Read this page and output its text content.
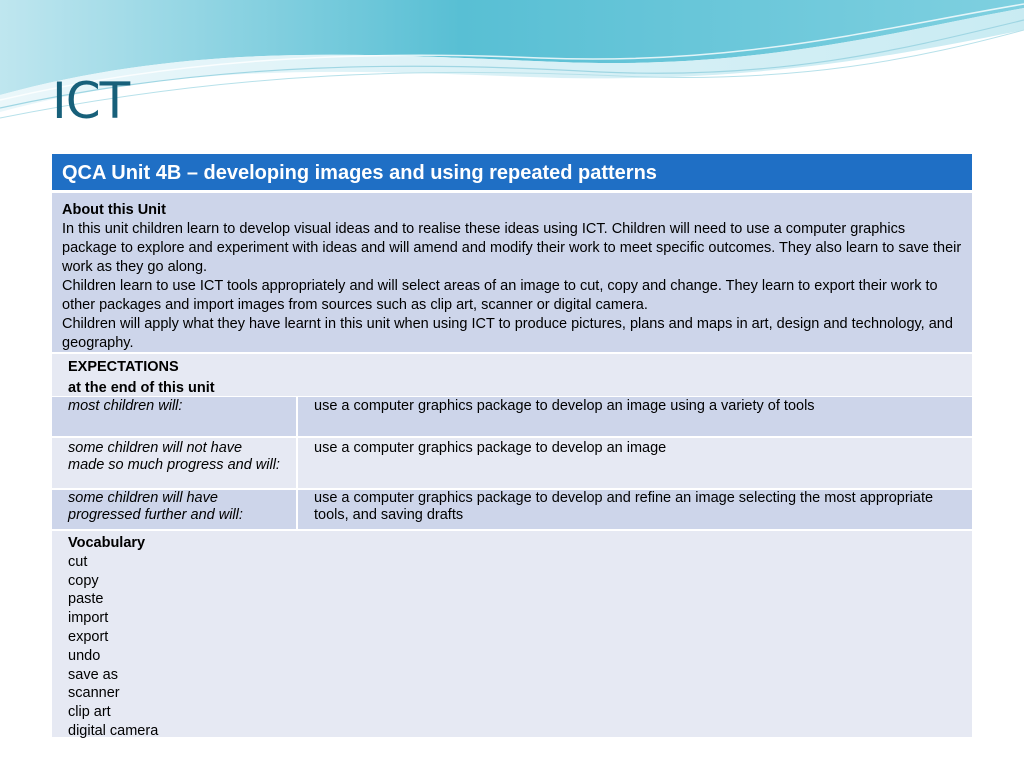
ICT
QCA Unit 4B – developing images and using repeated patterns
About this Unit
In this unit children learn to develop visual ideas and to realise these ideas using ICT. Children will need to use a computer graphics package to explore and experiment with ideas and will amend and modify their work to meet specific outcomes. They also learn to save their work as they go along.
Children learn to use ICT tools appropriately and will select areas of an image to cut, copy and change. They learn to export their work to other packages and import images from sources such as clip art, scanner or digital camera.
Children will apply what they have learnt in this unit when using ICT to produce pictures, plans and maps in art, design and technology, and geography.
EXPECTATIONS
at the end of this unit
most children will:	use a computer graphics package to develop an image using a variety of tools
some children will not have made so much progress and will:
use a computer graphics package to develop an image
some children will have progressed further and will:
use a computer graphics package to develop and refine an image selecting the most appropriate tools, and saving drafts
Vocabulary
cut
copy
paste
import
export
undo
save as
scanner
clip art
digital camera
